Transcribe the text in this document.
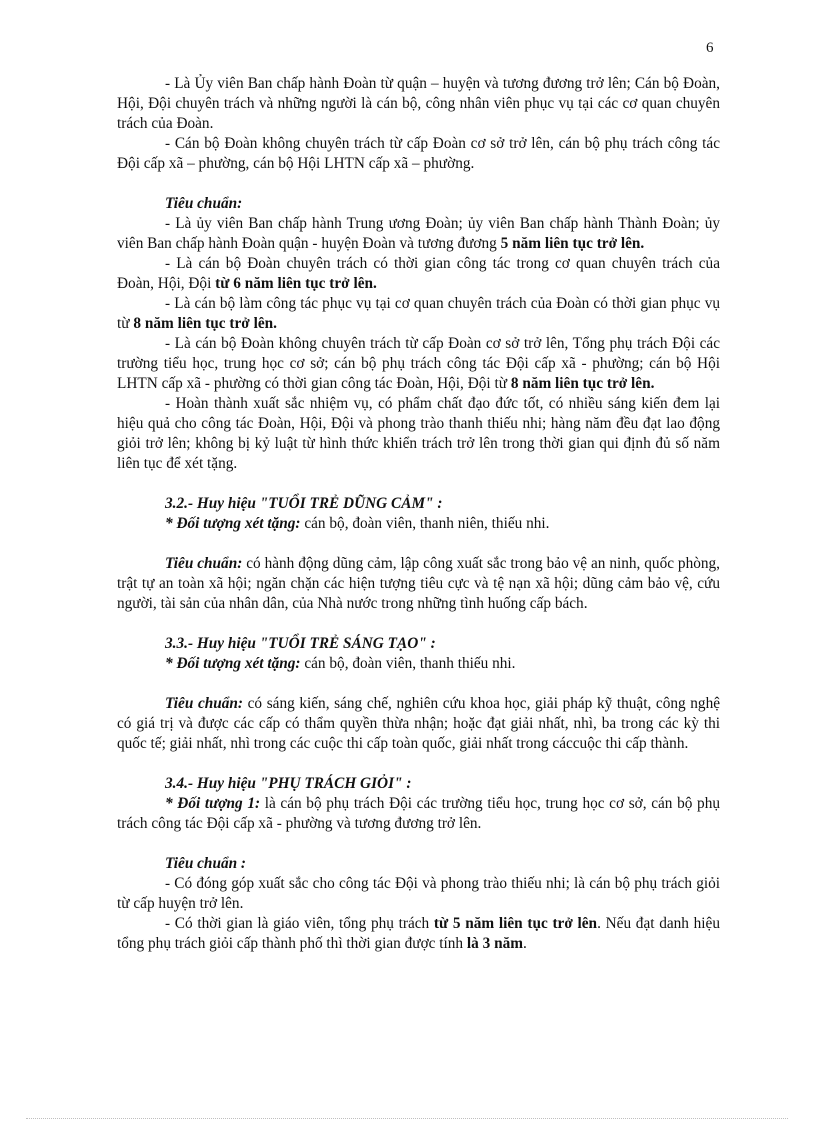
6

- Là Ủy viên Ban chấp hành Đoàn từ quận – huyện và tương đương trở lên; Cán bộ Đoàn, Hội, Đội chuyên trách và những người là cán bộ, công nhân viên phục vụ tại các cơ quan chuyên trách của Đoàn.

- Cán bộ Đoàn không chuyên trách từ cấp Đoàn cơ sở trở lên, cán bộ phụ trách công tác Đội cấp xã – phường, cán bộ Hội LHTN cấp xã – phường.

Tiêu chuẩn:

- Là ủy viên Ban chấp hành Trung ương Đoàn; ủy viên Ban chấp hành Thành Đoàn; ủy viên Ban chấp hành Đoàn quận - huyện Đoàn và tương đương 5 năm liên tục trở lên.

- Là cán bộ Đoàn chuyên trách có thời gian công tác trong cơ quan chuyên trách của Đoàn, Hội, Đội từ 6 năm liên tục trở lên.

- Là cán bộ làm công tác phục vụ tại cơ quan chuyên trách của Đoàn có thời gian phục vụ từ 8 năm liên tục trở lên.

- Là cán bộ Đoàn không chuyên trách từ cấp Đoàn cơ sở trở lên, Tổng phụ trách Đội các trường tiểu học, trung học cơ sở; cán bộ phụ trách công tác Đội cấp xã - phường; cán bộ Hội LHTN cấp xã - phường có thời gian công tác Đoàn, Hội, Đội từ 8 năm liên tục trở lên.

- Hoàn thành xuất sắc nhiệm vụ, có phẩm chất đạo đức tốt, có nhiều sáng kiến đem lại hiệu quả cho công tác Đoàn, Hội, Đội và phong trào thanh thiếu nhi; hàng năm đều đạt lao động giỏi trở lên; không bị kỷ luật từ hình thức khiển trách trở lên trong thời gian qui định đủ số năm liên tục để xét tặng.

3.2.- Huy hiệu "TUỔI TRẺ DŨNG CẢM" :

* Đối tượng xét tặng: cán bộ, đoàn viên, thanh niên, thiếu nhi.

Tiêu chuẩn: có hành động dũng cảm, lập công xuất sắc trong bảo vệ an ninh, quốc phòng, trật tự an toàn xã hội; ngăn chặn các hiện tượng tiêu cực và tệ nạn xã hội; dũng cảm bảo vệ, cứu người, tài sản của nhân dân, của Nhà nước trong những tình huống cấp bách.

3.3.- Huy hiệu "TUỔI TRẺ SÁNG TẠO" :

* Đối tượng xét tặng: cán bộ, đoàn viên, thanh thiếu nhi.

Tiêu chuẩn: có sáng kiến, sáng chế, nghiên cứu khoa học, giải pháp kỹ thuật, công nghệ có giá trị và được các cấp có thẩm quyền thừa nhận; hoặc đạt giải nhất, nhì, ba trong các kỳ thi quốc tế; giải nhất, nhì trong các cuộc thi cấp toàn quốc, giải nhất trong cáccuộc thi cấp thành.

3.4.- Huy hiệu "PHỤ TRÁCH GIỎI" :

* Đối tượng 1: là cán bộ phụ trách Đội các trường tiểu học, trung học cơ sở, cán bộ phụ trách công tác Đội cấp xã - phường và tương đương trở lên.

Tiêu chuẩn :

- Có đóng góp xuất sắc cho công tác Đội và phong trào thiếu nhi; là cán bộ phụ trách giỏi từ cấp huyện trở lên.

- Có thời gian là giáo viên, tổng phụ trách từ 5 năm liên tục trở lên. Nếu đạt danh hiệu tổng phụ trách giỏi cấp thành phố thì thời gian được tính là 3 năm.
